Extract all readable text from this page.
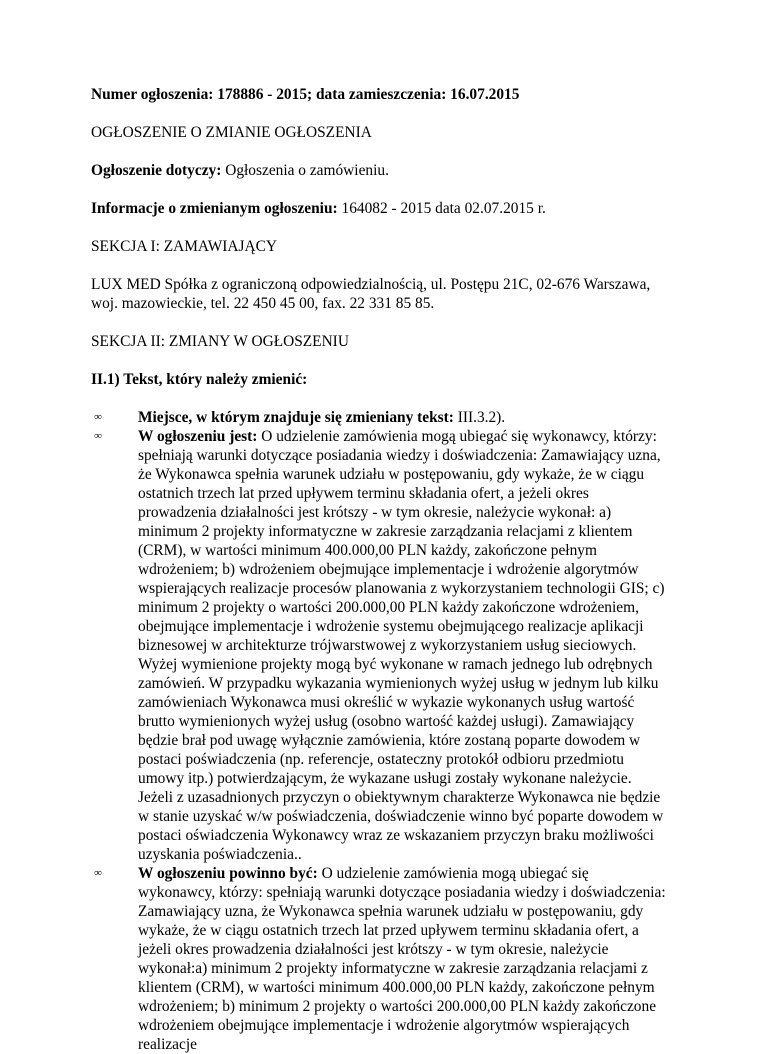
Numer ogłoszenia: 178886 - 2015; data zamieszczenia: 16.07.2015

OGŁOSZENIE O ZMIANIE OGŁOSZENIA

Ogłoszenie dotyczy: Ogłoszenia o zamówieniu.

Informacje o zmienianym ogłoszeniu: 164082 - 2015 data 02.07.2015 r.

SEKCJA I: ZAMAWIAJĄCY

LUX MED Spółka z ograniczoną odpowiedzialnością, ul. Postępu 21C, 02-676 Warszawa, woj. mazowieckie, tel. 22 450 45 00, fax. 22 331 85 85.

SEKCJA II: ZMIANY W OGŁOSZENIU

II.1) Tekst, który należy zmienić:

∞ Miejsce, w którym znajduje się zmieniany tekst: III.3.2).
∞ W ogłoszeniu jest: O udzielenie zamówienia mogą ubiegać się wykonawcy, którzy: spełniają warunki dotyczące posiadania wiedzy i doświadczenia: Zamawiający uzna, że Wykonawca spełnia warunek udziału w postępowaniu, gdy wykaże, że w ciągu ostatnich trzech lat przed upływem terminu składania ofert, a jeżeli okres prowadzenia działalności jest krótszy - w tym okresie, należycie wykonał: a) minimum 2 projekty informatyczne w zakresie zarządzania relacjami z klientem (CRM), w wartości minimum 400.000,00 PLN każdy, zakończone pełnym wdrożeniem; b) wdrożeniem obejmujące implementacje i wdrożenie algorytmów wspierających realizacje procesów planowania z wykorzystaniem technologii GIS; c) minimum 2 projekty o wartości 200.000,00 PLN każdy zakończone wdrożeniem, obejmujące implementacje i wdrożenie systemu obejmującego realizacje aplikacji biznesowej w architekturze trójwarstwowej z wykorzystaniem usług sieciowych. Wyżej wymienione projekty mogą być wykonane w ramach jednego lub odrębnych zamówień. W przypadku wykazania wymienionych wyżej usług w jednym lub kilku zamówieniach Wykonawca musi określić w wykazie wykonanych usług wartość brutto wymienionych wyżej usług (osobno wartość każdej usługi). Zamawiający będzie brał pod uwagę wyłącznie zamówienia, które zostaną poparte dowodem w postaci poświadczenia (np. referencje, ostateczny protokół odbioru przedmiotu umowy itp.) potwierdzającym, że wykazane usługi zostały wykonane należycie. Jeżeli z uzasadnionych przyczyn o obiektywnym charakterze Wykonawca nie będzie w stanie uzyskać w/w poświadczenia, doświadczenie winno być poparte dowodem w postaci oświadczenia Wykonawcy wraz ze wskazaniem przyczyn braku możliwości uzyskania poświadczenia..
∞ W ogłoszeniu powinno być: O udzielenie zamówienia mogą ubiegać się wykonawcy, którzy: spełniają warunki dotyczące posiadania wiedzy i doświadczenia: Zamawiający uzna, że Wykonawca spełnia warunek udziału w postępowaniu, gdy wykaże, że w ciągu ostatnich trzech lat przed upływem terminu składania ofert, a jeżeli okres prowadzenia działalności jest krótszy - w tym okresie, należycie wykonał:a) minimum 2 projekty informatyczne w zakresie zarządzania relacjami z klientem (CRM), w wartości minimum 400.000,00 PLN każdy, zakończone pełnym wdrożeniem; b) minimum 2 projekty o wartości 200.000,00 PLN każdy zakończone wdrożeniem obejmujące implementacje i wdrożenie algorytmów wspierających realizacje
